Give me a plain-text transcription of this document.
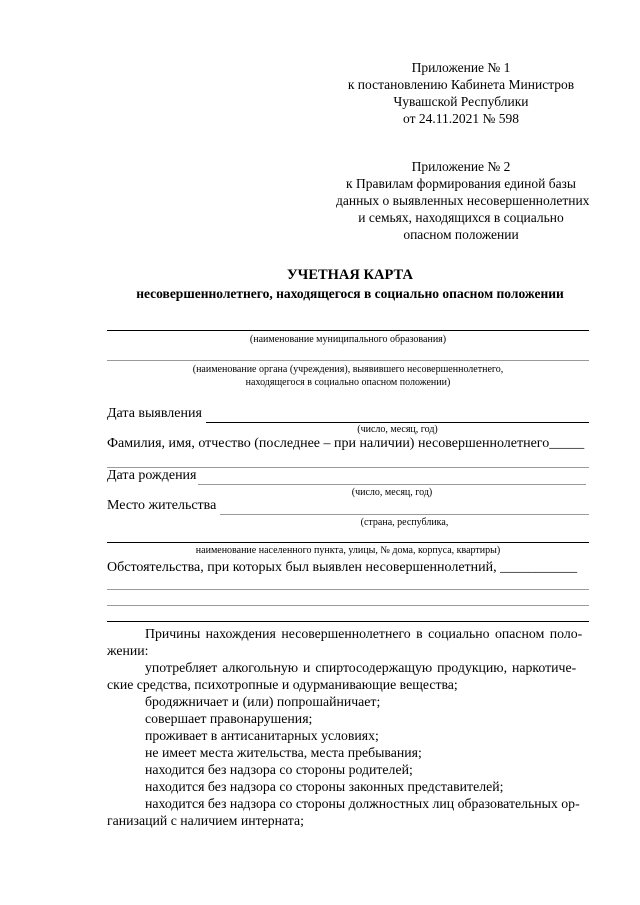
Приложение № 1
к постановлению Кабинета Министров
Чувашской Республики
от 24.11.2021 № 598
Приложение № 2
к Правилам формирования единой базы
данных о выявленных несовершеннолетних
и семьях, находящихся в социально
опасном положении
УЧЕТНАЯ КАРТА
несовершеннолетнего, находящегося в социально опасном положении
(наименование муниципального образования)
(наименование органа (учреждения), выявившего несовершеннолетнего,
находящегося в социально опасном положении)
Дата выявления
(число, месяц, год)
Фамилия, имя, отчество (последнее – при наличии) несовершеннолетнего_____
Дата рождения
(число, месяц, год)
Место жительства
(страна, республика,
наименование населенного пункта, улицы, № дома, корпуса, квартиры)
Обстоятельства, при которых был выявлен несовершеннолетний, ___________
Причины нахождения несовершеннолетнего в социально опасном поло-
жении:
употребляет алкогольную и спиртосодержащую продукцию, наркотиче-
ские средства, психотропные и одурманивающие вещества;
бродяжничает и (или) попрошайничает;
совершает правонарушения;
проживает в антисанитарных условиях;
не имеет места жительства, места пребывания;
находится без надзора со стороны родителей;
находится без надзора со стороны законных представителей;
находится без надзора со стороны должностных лиц образовательных ор-
ганизаций с наличием интерната;
